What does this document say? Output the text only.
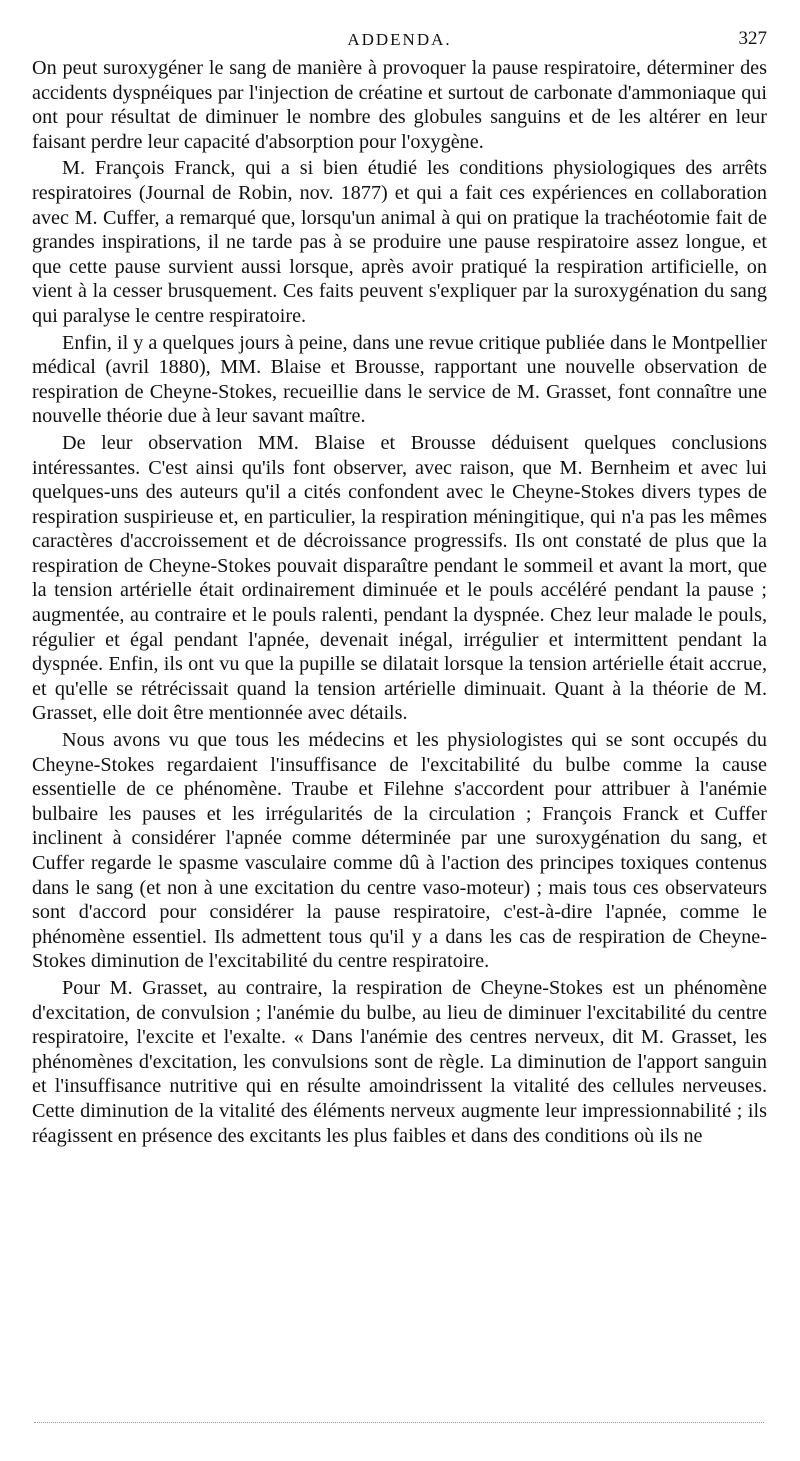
ADDENDA.	327

On peut suroxygéner le sang de manière à provoquer la pause respiratoire, déterminer des accidents dyspnéiques par l'injection de créatine et surtout de carbonate d'ammoniaque qui ont pour résultat de diminuer le nombre des globules sanguins et de les altérer en leur faisant perdre leur capacité d'absorption pour l'oxygène.

M. François Franck, qui a si bien étudié les conditions physiologiques des arrêts respiratoires (Journal de Robin, nov. 1877) et qui a fait ces expériences en collaboration avec M. Cuffer, a remarqué que, lorsqu'un animal à qui on pratique la trachéotomie fait de grandes inspirations, il ne tarde pas à se produire une pause respiratoire assez longue, et que cette pause survient aussi lorsque, après avoir pratiqué la respiration artificielle, on vient à la cesser brusquement. Ces faits peuvent s'expliquer par la suroxygénation du sang qui paralyse le centre respiratoire.

Enfin, il y a quelques jours à peine, dans une revue critique publiée dans le Montpellier médical (avril 1880), MM. Blaise et Brousse, rapportant une nouvelle observation de respiration de Cheyne-Stokes, recueillie dans le service de M. Grasset, font connaître une nouvelle théorie due à leur savant maître.

De leur observation MM. Blaise et Brousse déduisent quelques conclusions intéressantes. C'est ainsi qu'ils font observer, avec raison, que M. Bernheim et avec lui quelques-uns des auteurs qu'il a cités confondent avec le Cheyne-Stokes divers types de respiration suspirieuse et, en particulier, la respiration méningitique, qui n'a pas les mêmes caractères d'accroissement et de décroissance progressifs. Ils ont constaté de plus que la respiration de Cheyne-Stokes pouvait disparaître pendant le sommeil et avant la mort, que la tension artérielle était ordinairement diminuée et le pouls accéléré pendant la pause ; augmentée, au contraire et le pouls ralenti, pendant la dyspnée. Chez leur malade le pouls, régulier et égal pendant l'apnée, devenait inégal, irrégulier et intermittent pendant la dyspnée. Enfin, ils ont vu que la pupille se dilatait lorsque la tension artérielle était accrue, et qu'elle se rétrécissait quand la tension artérielle diminuait. Quant à la théorie de M. Grasset, elle doit être mentionnée avec détails.

Nous avons vu que tous les médecins et les physiologistes qui se sont occupés du Cheyne-Stokes regardaient l'insuffisance de l'excitabilité du bulbe comme la cause essentielle de ce phénomène. Traube et Filehne s'accordent pour attribuer à l'anémie bulbaire les pauses et les irrégularités de la circulation ; François Franck et Cuffer inclinent à considérer l'apnée comme déterminée par une suroxygénation du sang, et Cuffer regarde le spasme vasculaire comme dû à l'action des principes toxiques contenus dans le sang (et non à une excitation du centre vaso-moteur) ; mais tous ces observateurs sont d'accord pour considérer la pause respiratoire, c'est-à-dire l'apnée, comme le phénomène essentiel. Ils admettent tous qu'il y a dans les cas de respiration de Cheyne-Stokes diminution de l'excitabilité du centre respiratoire.

Pour M. Grasset, au contraire, la respiration de Cheyne-Stokes est un phénomène d'excitation, de convulsion ; l'anémie du bulbe, au lieu de diminuer l'excitabilité du centre respiratoire, l'excite et l'exalte. « Dans l'anémie des centres nerveux, dit M. Grasset, les phénomènes d'excitation, les convulsions sont de règle. La diminution de l'apport sanguin et l'insuffisance nutritive qui en résulte amoindrissent la vitalité des cellules nerveuses. Cette diminution de la vitalité des éléments nerveux augmente leur impressionnabilité ; ils réagissent en présence des excitants les plus faibles et dans des conditions où ils ne
